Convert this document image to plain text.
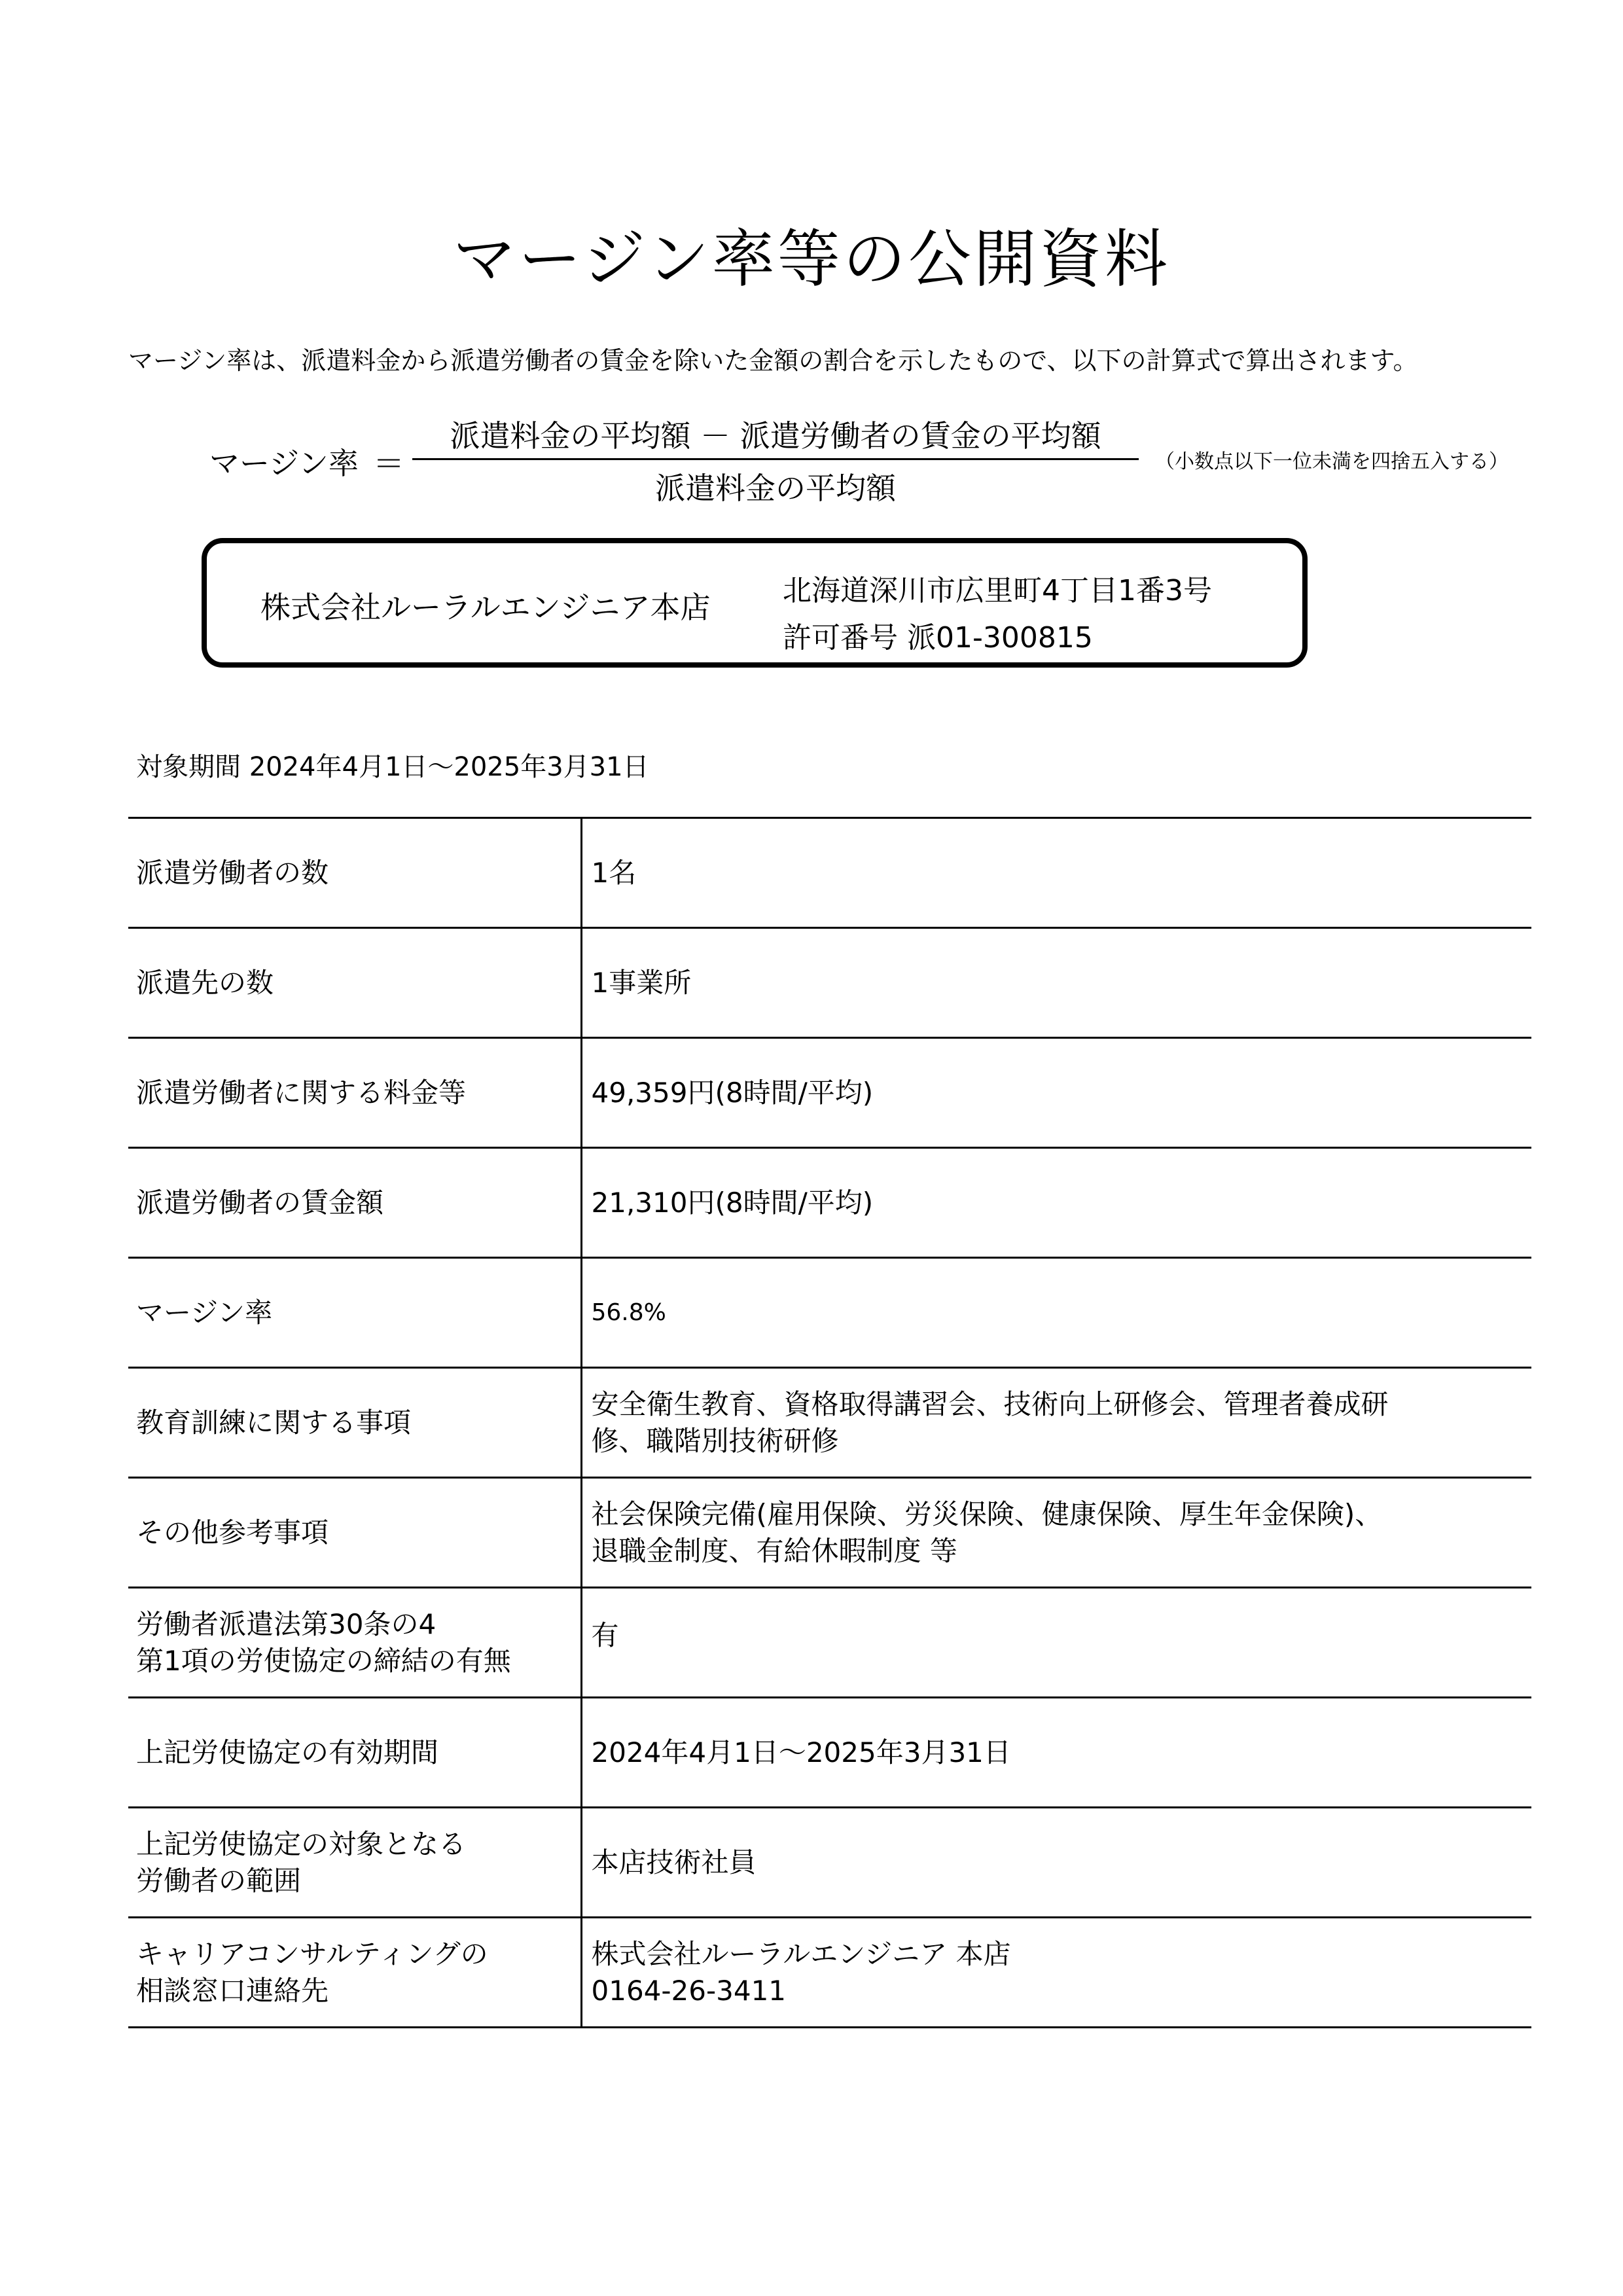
マージン率等の公開資料
マージン率は、派遣料金から派遣労働者の賃金を除いた金額の割合を示したもので、以下の計算式で算出されます。
マージン率 ＝
派遣料金の平均額 － 派遣労働者の賃金の平均額
派遣料金の平均額
（小数点以下一位未満を四捨五入する）
株式会社ルーラルエンジニア本店	北海道深川市広里町4丁目1番3号
許可番号 派01-300815
対象期間 2024年4月1日～2025年3月31日
派遣労働者の数	1名

派遣先の数	1事業所

派遣労働者に関する料金等	49,359円(8時間/平均)

派遣労働者の賃金額	21,310円(8時間/平均)

マージン率	56.8%

教育訓練に関する事項	安全衛生教育、資格取得講習会、技術向上研修会、管理者養成研
修、職階別技術研修

その他参考事項	社会保険完備(雇用保険、労災保険、健康保険、厚生年金保険)、
退職金制度、有給休暇制度 等

労働者派遣法第30条の4
第1項の労使協定の締結の有無	有

上記労使協定の有効期間	2024年4月1日～2025年3月31日

上記労使協定の対象となる
労働者の範囲	本店技術社員

キャリアコンサルティングの
相談窓口連絡先	株式会社ルーラルエンジニア 本店
0164-26-3411
